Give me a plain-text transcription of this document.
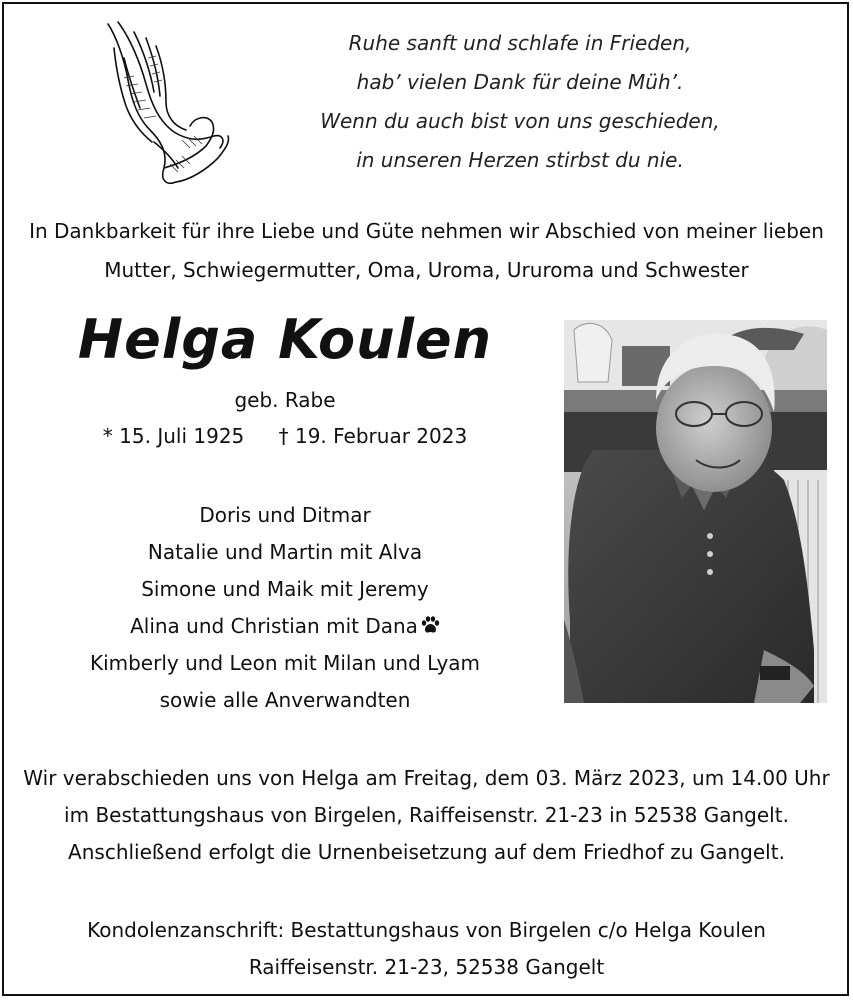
Ruhe sanft und schlafe in Frieden,
hab’ vielen Dank für deine Müh’.
Wenn du auch bist von uns geschieden,
in unseren Herzen stirbst du nie.
In Dankbarkeit für ihre Liebe und Güte nehmen wir Abschied von meiner lieben
Mutter, Schwiegermutter, Oma, Uroma, Ururoma und Schwester
Helga Koulen
geb. Rabe
* 15. Juli 1925 † 19. Februar 2023
Doris und Ditmar
Natalie und Martin mit Alva
Simone und Maik mit Jeremy
Alina und Christian mit Dana
Kimberly und Leon mit Milan und Lyam
sowie alle Anverwandten
Wir verabschieden uns von Helga am Freitag, dem 03. März 2023, um 14.00 Uhr
im Bestattungshaus von Birgelen, Raiffeisenstr. 21-23 in 52538 Gangelt.
Anschließend erfolgt die Urnenbeisetzung auf dem Friedhof zu Gangelt.
Kondolenzanschrift: Bestattungshaus von Birgelen c/o Helga Koulen
Raiffeisenstr. 21-23, 52538 Gangelt
